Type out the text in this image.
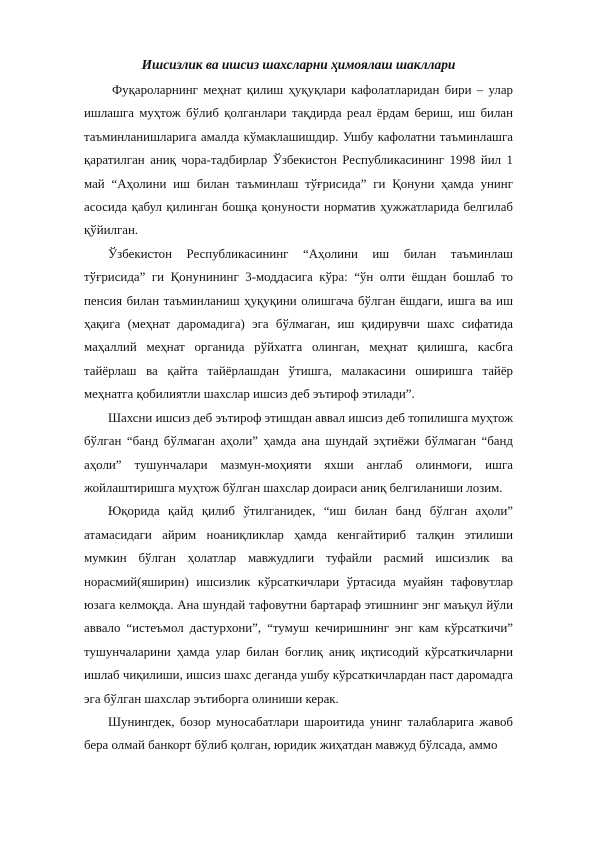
Ишсизлик ва ишсиз шахсларни ҳимоялаш шакллари

Фуқароларнинг меҳнат қилиш ҳуқуқлари кафолатларидан бири – улар ишлашга муҳтож бўлиб қолганлари тақдирда реал ёрдам бериш, иш билан таъминланишларига амалда кўмаклашишдир. Ушбу кафолатни таъминлашга қаратилган аниқ чора-тадбирлар Ўзбекистон Республикасининг 1998 йил 1 май “Аҳолини иш билан таъминлаш тўғрисида” ги Қонуни ҳамда унинг асосида қабул қилинган бошқа қонуности норматив ҳужжатларида белгилаб қўйилган.

Ўзбекистон Республикасининг “Аҳолини иш билан таъминлаш тўғрисида” ги Қонунининг 3-моддасига кўра: “ўн олти ёшдан бошлаб то пенсия билан таъминланиш ҳуқуқини олишгача бўлган ёшдаги, ишга ва иш ҳақига (меҳнат даромадига) эга бўлмаган, иш қидирувчи шахс сифатида маҳаллий меҳнат органида рўйхатга олинган, меҳнат қилишга, касбга тайёрлаш ва қайта тайёрлашдан ўтишга, малакасини оширишга тайёр меҳнатга қобилиятли шахслар ишсиз деб эътироф этилади”.

Шахсни ишсиз деб эътироф этишдан аввал ишсиз деб топилишга муҳтож бўлган “банд бўлмаган аҳоли” ҳамда ана шундай эҳтиёжи бўлмаган “банд аҳоли” тушунчалари мазмун-моҳияти яхши англаб олинмоғи, ишга жойлаштиришга муҳтож бўлган шахслар доираси аниқ белгиланиши лозим.

Юқорида қайд қилиб ўтилганидек, “иш билан банд бўлган аҳоли” атамасидаги айрим ноаниқликлар ҳамда кенгайтириб талқин этилиши мумкин бўлган ҳолатлар мавжудлиги туфайли расмий ишсизлик ва норасмий(яширин) ишсизлик кўрсаткичлари ўртасида муайян тафовутлар юзага келмоқда. Ана шундай тафовутни бартараф этишнинг энг маъқул йўли аввало “истеъмол дастурхони”, “тумуш кечиришнинг энг кам кўрсаткичи” тушунчаларини ҳамда улар билан боғлиқ аниқ иқтисодий кўрсаткичларни ишлаб чиқилиши, ишсиз шахс деганда ушбу кўрсаткичлардан паст даромадга эга бўлган шахслар эътиборга олиниши керак.

Шунингдек, бозор муносабатлари шароитида унинг талабларига жавоб бера олмай банкорт бўлиб қолган, юридик жиҳатдан мавжуд бўлсада, аммо
